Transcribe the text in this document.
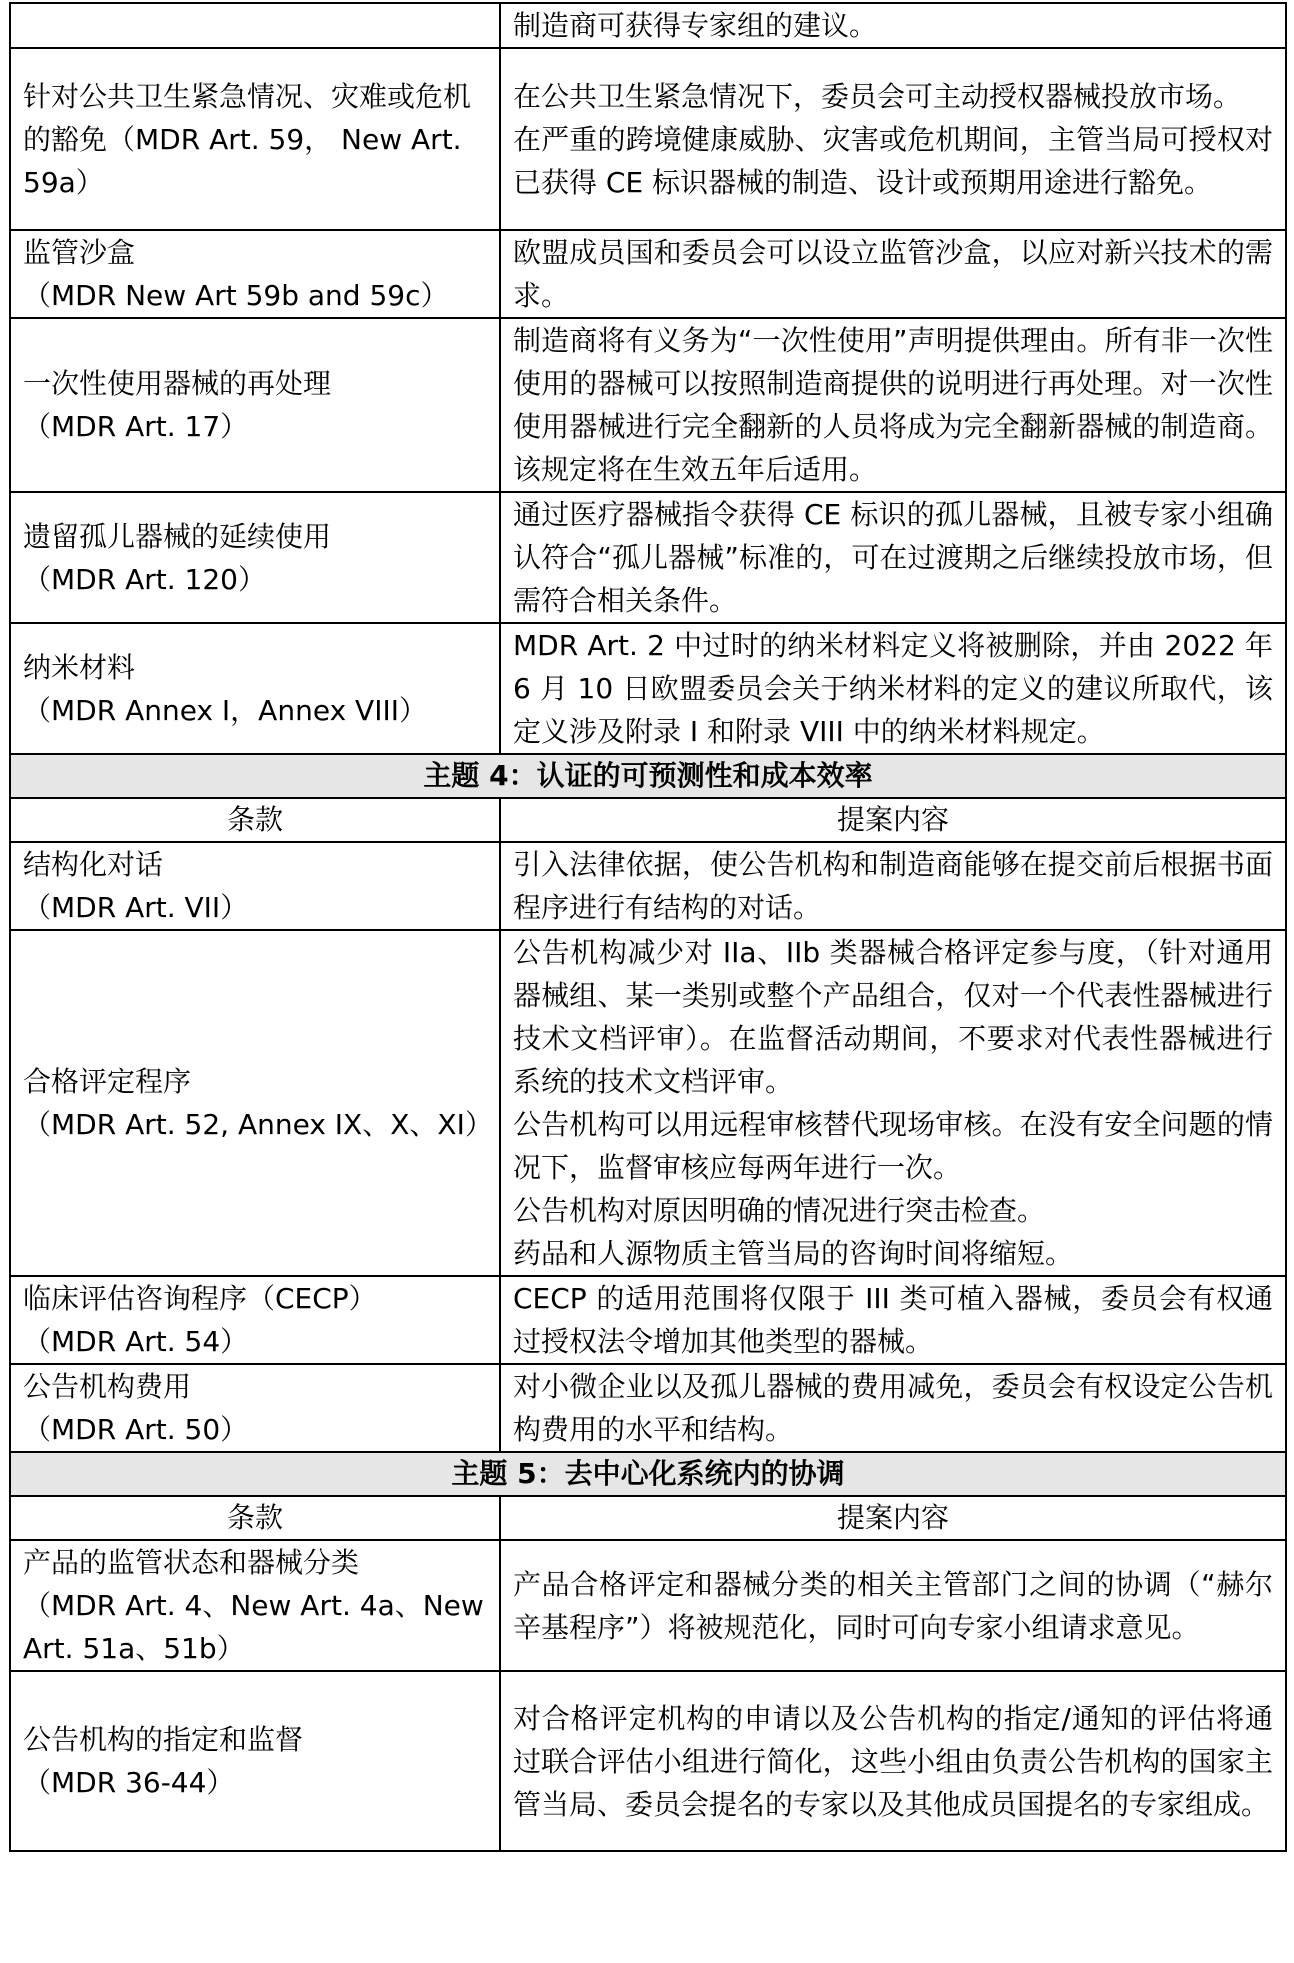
	制造商可获得专家组的建议。

针对公共卫生紧急情况、灾难或危机的豁免（MDR Art. 59， New Art. 59a）	在公共卫生紧急情况下，委员会可主动授权器械投放市场。
在严重的跨境健康威胁、灾害或危机期间，主管当局可授权对已获得 CE 标识器械的制造、设计或预期用途进行豁免。

监管沙盒
（MDR New Art 59b and 59c）	欧盟成员国和委员会可以设立监管沙盒，以应对新兴技术的需求。

一次性使用器械的再处理
（MDR Art. 17）	制造商将有义务为“一次性使用”声明提供理由。所有非一次性使用的器械可以按照制造商提供的说明进行再处理。对一次性使用器械进行完全翻新的人员将成为完全翻新器械的制造商。该规定将在生效五年后适用。

遗留孤儿器械的延续使用
（MDR Art. 120）	通过医疗器械指令获得 CE 标识的孤儿器械，且被专家小组确认符合“孤儿器械”标准的，可在过渡期之后继续投放市场，但需符合相关条件。

纳米材料
（MDR Annex I，Annex VIII）	MDR Art. 2 中过时的纳米材料定义将被删除，并由 2022 年 6 月 10 日欧盟委员会关于纳米材料的定义的建议所取代，该定义涉及附录 I 和附录 VIII 中的纳米材料规定。

主题 4：认证的可预测性和成本效率	
条款	提案内容

结构化对话
（MDR Art. VII）	引入法律依据，使公告机构和制造商能够在提交前后根据书面程序进行有结构的对话。

合格评定程序
（MDR Art. 52, Annex IX、X、XI）	公告机构减少对 IIa、IIb 类器械合格评定参与度，（针对通用器械组、某一类别或整个产品组合，仅对一个代表性器械进行技术文档评审）。在监督活动期间，不要求对代表性器械进行系统的技术文档评审。
公告机构可以用远程审核替代现场审核。在没有安全问题的情况下，监督审核应每两年进行一次。
公告机构对原因明确的情况进行突击检查。
药品和人源物质主管当局的咨询时间将缩短。

临床评估咨询程序（CECP）
（MDR Art. 54）	CECP 的适用范围将仅限于 III 类可植入器械，委员会有权通过授权法令增加其他类型的器械。

公告机构费用
（MDR Art. 50）	对小微企业以及孤儿器械的费用减免，委员会有权设定公告机构费用的水平和结构。

主题 5：去中心化系统内的协调	
条款	提案内容

产品的监管状态和器械分类
（MDR Art. 4、New Art. 4a、New Art. 51a、51b）	产品合格评定和器械分类的相关主管部门之间的协调（“赫尔辛基程序”）将被规范化，同时可向专家小组请求意见。

公告机构的指定和监督
（MDR 36-44）	对合格评定机构的申请以及公告机构的指定/通知的评估将通过联合评估小组进行简化，这些小组由负责公告机构的国家主管当局、委员会提名的专家以及其他成员国提名的专家组成。
